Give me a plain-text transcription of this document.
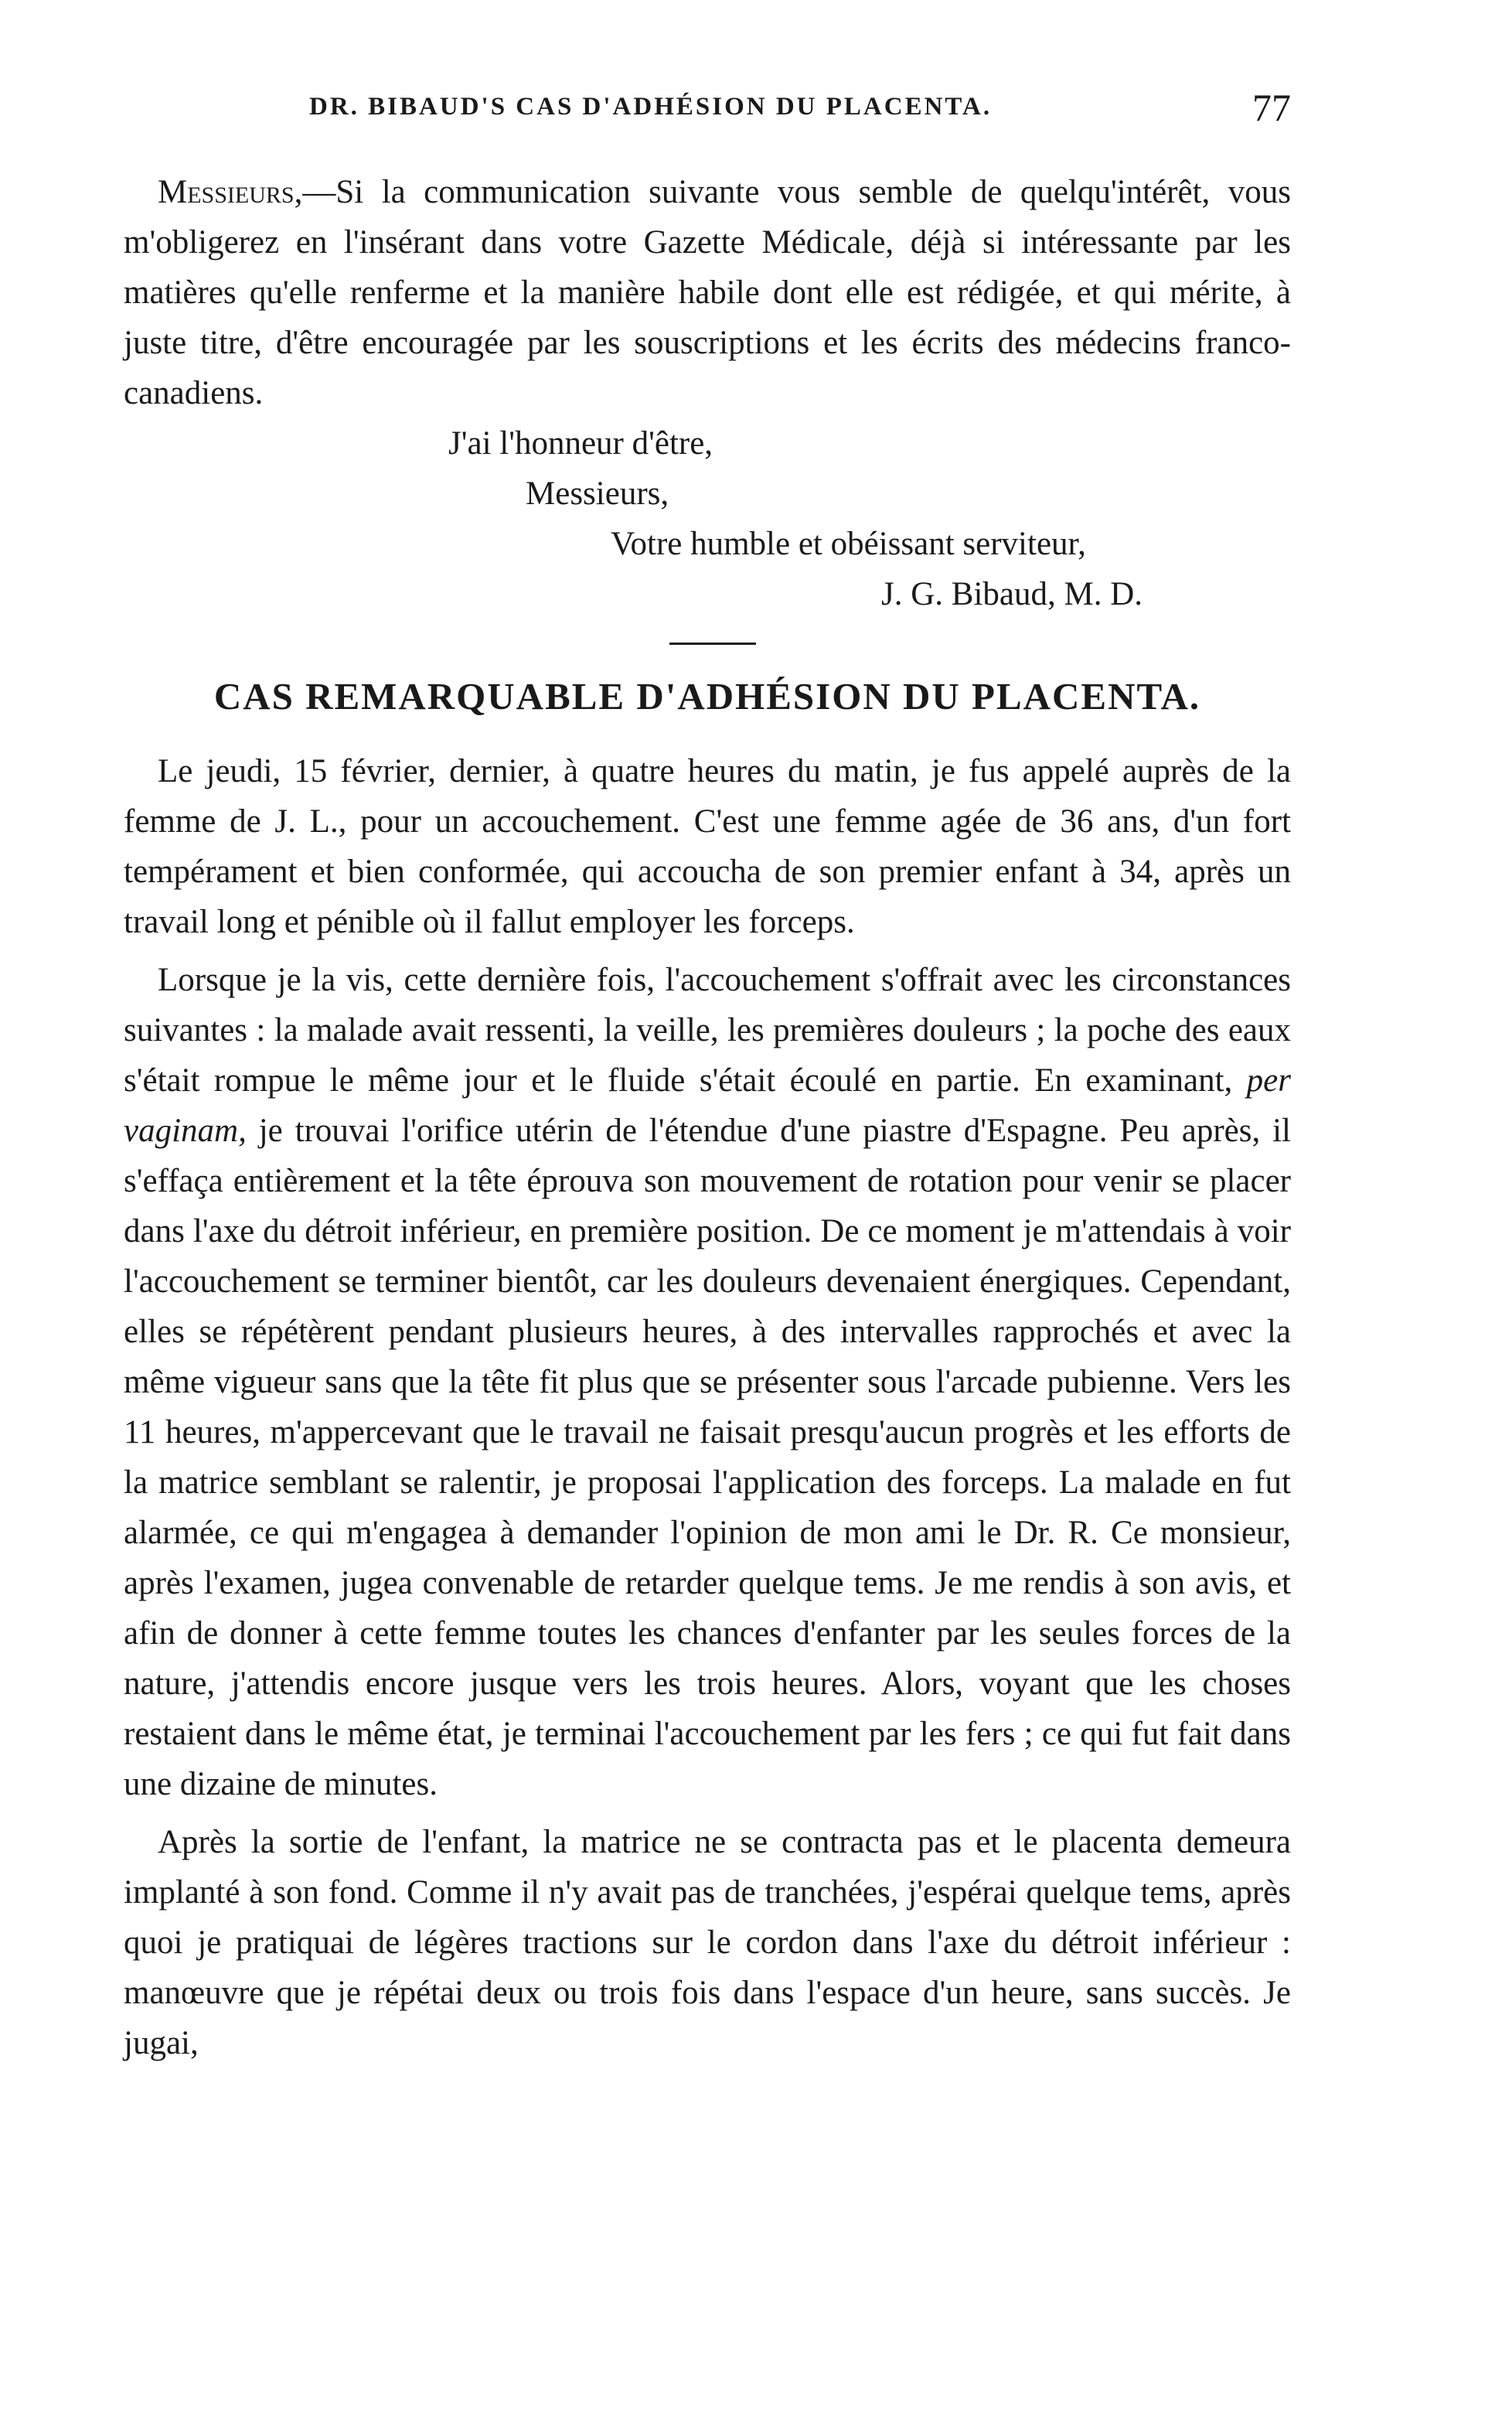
DR. BIBAUD'S CAS D'ADHÉSION DU PLACENTA.	77

Messieurs,—Si la communication suivante vous semble de quelqu'intérêt, vous m'obligerez en l'insérant dans votre Gazette Médicale, déjà si intéressante par les matières qu'elle renferme et la manière habile dont elle est rédigée, et qui mérite, à juste titre, d'être encouragée par les souscriptions et les écrits des médecins franco-canadiens.

J'ai l'honneur d'être,

Messieurs,

Votre humble et obéissant serviteur,

J. G. Bibaud, M. D.

CAS REMARQUABLE D'ADHÉSION DU PLACENTA.

Le jeudi, 15 février, dernier, à quatre heures du matin, je fus appelé auprès de la femme de J. L., pour un accouchement. C'est une femme agée de 36 ans, d'un fort tempérament et bien conformée, qui accoucha de son premier enfant à 34, après un travail long et pénible où il fallut employer les forceps.

Lorsque je la vis, cette dernière fois, l'accouchement s'offrait avec les circonstances suivantes : la malade avait ressenti, la veille, les premières douleurs ; la poche des eaux s'était rompue le même jour et le fluide s'était écoulé en partie. En examinant, per vaginam, je trouvai l'orifice utérin de l'étendue d'une piastre d'Espagne. Peu après, il s'effaça entièrement et la tête éprouva son mouvement de rotation pour venir se placer dans l'axe du détroit inférieur, en première position. De ce moment je m'attendais à voir l'accouchement se terminer bientôt, car les douleurs devenaient énergiques. Cependant, elles se répétèrent pendant plusieurs heures, à des intervalles rapprochés et avec la même vigueur sans que la tête fit plus que se présenter sous l'arcade pubienne. Vers les 11 heures, m'appercevant que le travail ne faisait presqu'aucun progrès et les efforts de la matrice semblant se ralentir, je proposai l'application des forceps. La malade en fut alarmée, ce qui m'engagea à demander l'opinion de mon ami le Dr. R. Ce monsieur, après l'examen, jugea convenable de retarder quelque tems. Je me rendis à son avis, et afin de donner à cette femme toutes les chances d'enfanter par les seules forces de la nature, j'attendis encore jusque vers les trois heures. Alors, voyant que les choses restaient dans le même état, je terminai l'accouchement par les fers ; ce qui fut fait dans une dizaine de minutes.

Après la sortie de l'enfant, la matrice ne se contracta pas et le placenta demeura implanté à son fond. Comme il n'y avait pas de tranchées, j'espérai quelque tems, après quoi je pratiquai de légères tractions sur le cordon dans l'axe du détroit inférieur : manœuvre que je répétai deux ou trois fois dans l'espace d'un heure, sans succès. Je jugai,
